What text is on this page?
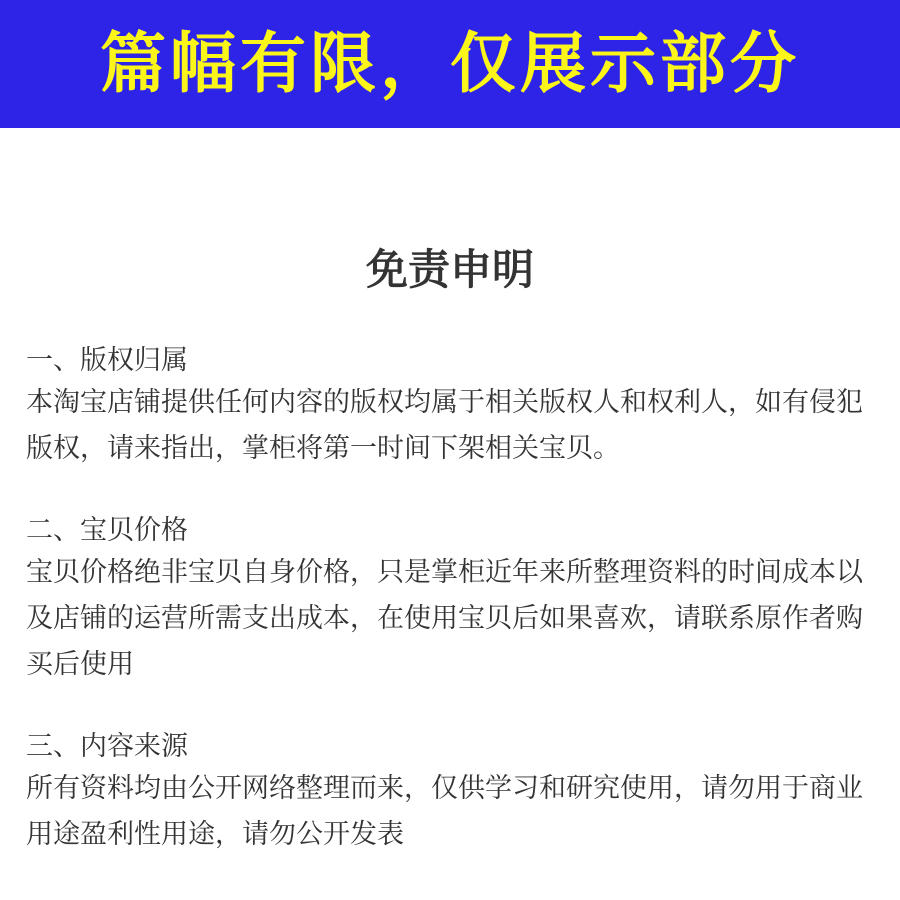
篇幅有限，仅展示部分
免责申明

一、版权归属

本淘宝店铺提供任何内容的版权均属于相关版权人和权利人，如有侵犯版权，请来指出，掌柜将第一时间下架相关宝贝。

二、宝贝价格

宝贝价格绝非宝贝自身价格，只是掌柜近年来所整理资料的时间成本以及店铺的运营所需支出成本，在使用宝贝后如果喜欢，请联系原作者购买后使用

三、内容来源

所有资料均由公开网络整理而来，仅供学习和研究使用，请勿用于商业用途盈利性用途，请勿公开发表
